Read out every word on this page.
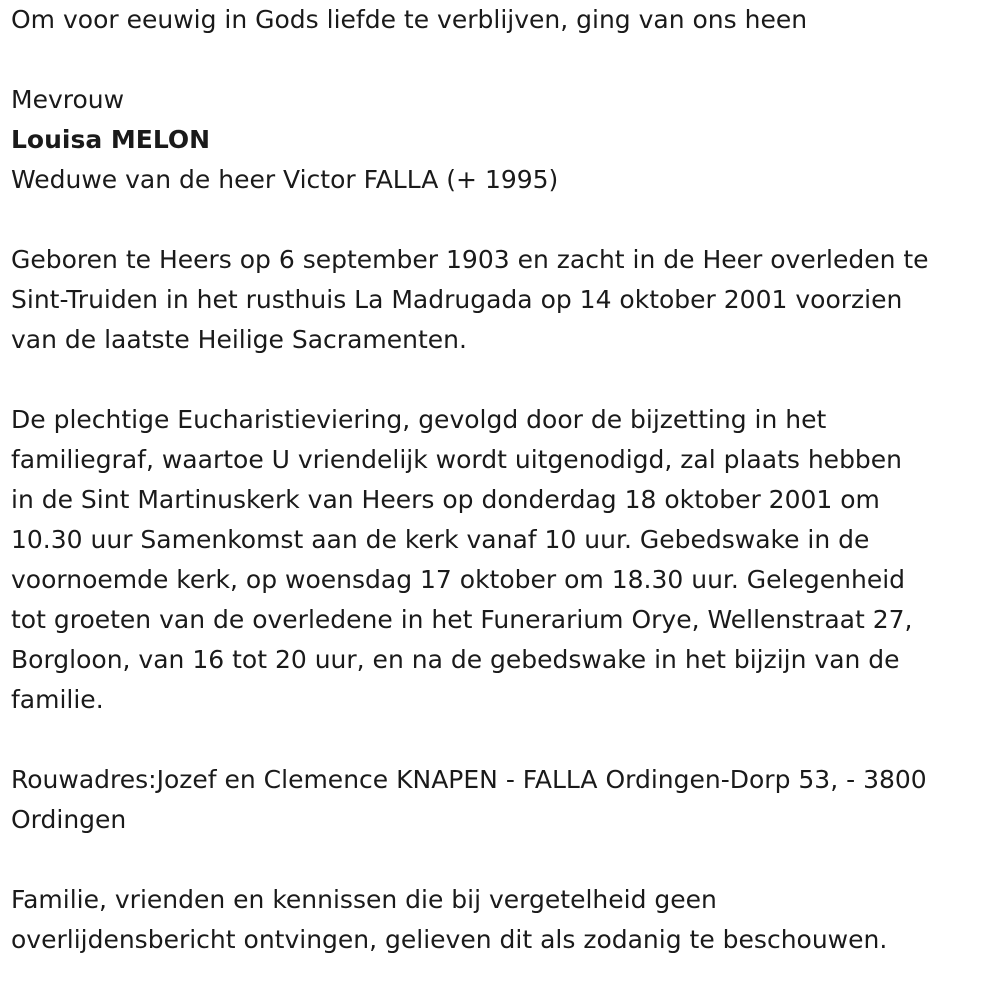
Om voor eeuwig in Gods liefde te verblijven, ging van ons heen

Mevrouw

Louisa MELON

Weduwe van de heer Victor FALLA (+ 1995)

Geboren te Heers op 6 september 1903 en zacht in de Heer overleden te

Sint-Truiden in het rusthuis La Madrugada op 14 oktober 2001 voorzien

van de laatste Heilige Sacramenten.

De plechtige Eucharistieviering, gevolgd door de bijzetting in het

familiegraf, waartoe U vriendelijk wordt uitgenodigd, zal plaats hebben

in de Sint Martinuskerk van Heers op donderdag 18 oktober 2001 om

10.30 uur Samenkomst aan de kerk vanaf 10 uur. Gebedswake in de

voornoemde kerk, op woensdag 17 oktober om 18.30 uur. Gelegenheid

tot groeten van de overledene in het Funerarium Orye, Wellenstraat 27,

Borgloon, van 16 tot 20 uur, en na de gebedswake in het bijzijn van de

familie.

Rouwadres:Jozef en Clemence KNAPEN - FALLA Ordingen-Dorp 53, - 3800

Ordingen

Familie, vrienden en kennissen die bij vergetelheid geen

overlijdensbericht ontvingen, gelieven dit als zodanig te beschouwen.
